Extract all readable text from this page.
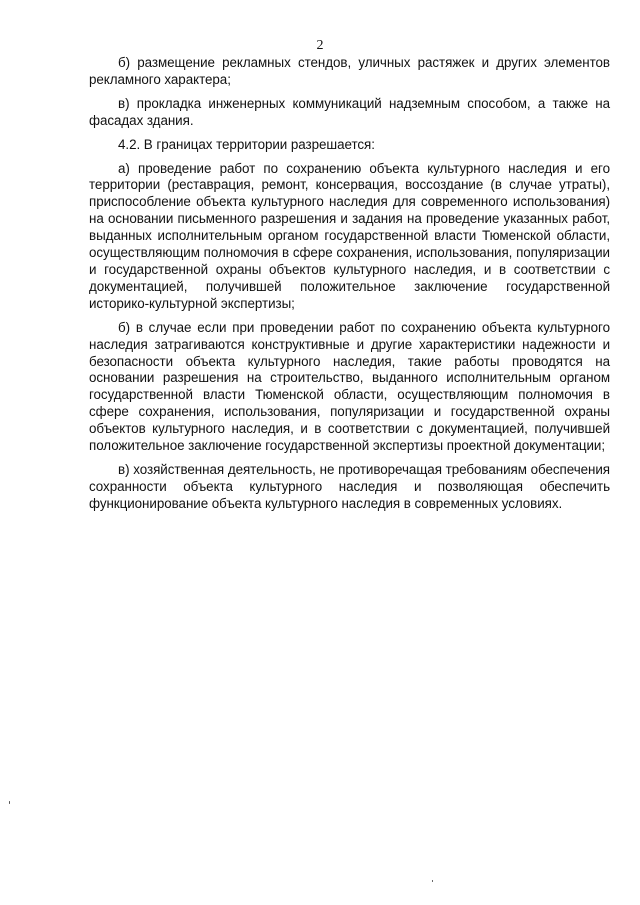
2

б) размещение рекламных стендов, уличных растяжек и других элементов рекламного характера;

в) прокладка инженерных коммуникаций надземным способом, а также на фасадах здания.

4.2. В границах территории разрешается:

а) проведение работ по сохранению объекта культурного наследия и его территории (реставрация, ремонт, консервация, воссоздание (в случае утраты), приспособление объекта культурного наследия для современного использования) на основании письменного разрешения и задания на проведение указанных работ, выданных исполнительным органом государственной власти Тюменской области, осуществляющим полномочия в сфере сохранения, использования, популяризации и государственной охраны объектов культурного наследия, и в соответствии с документацией, получившей положительное заключение государственной историко-культурной экспертизы;

б) в случае если при проведении работ по сохранению объекта культурного наследия затрагиваются конструктивные и другие характеристики надежности и безопасности объекта культурного наследия, такие работы проводятся на основании разрешения на строительство, выданного исполнительным органом государственной власти Тюменской области, осуществляющим полномочия в сфере сохранения, использования, популяризации и государственной охраны объектов культурного наследия, и в соответствии с документацией, получившей положительное заключение государственной экспертизы проектной документации;

в) хозяйственная деятельность, не противоречащая требованиям обеспечения сохранности объекта культурного наследия и позволяющая обеспечить функционирование объекта культурного наследия в современных условиях.
